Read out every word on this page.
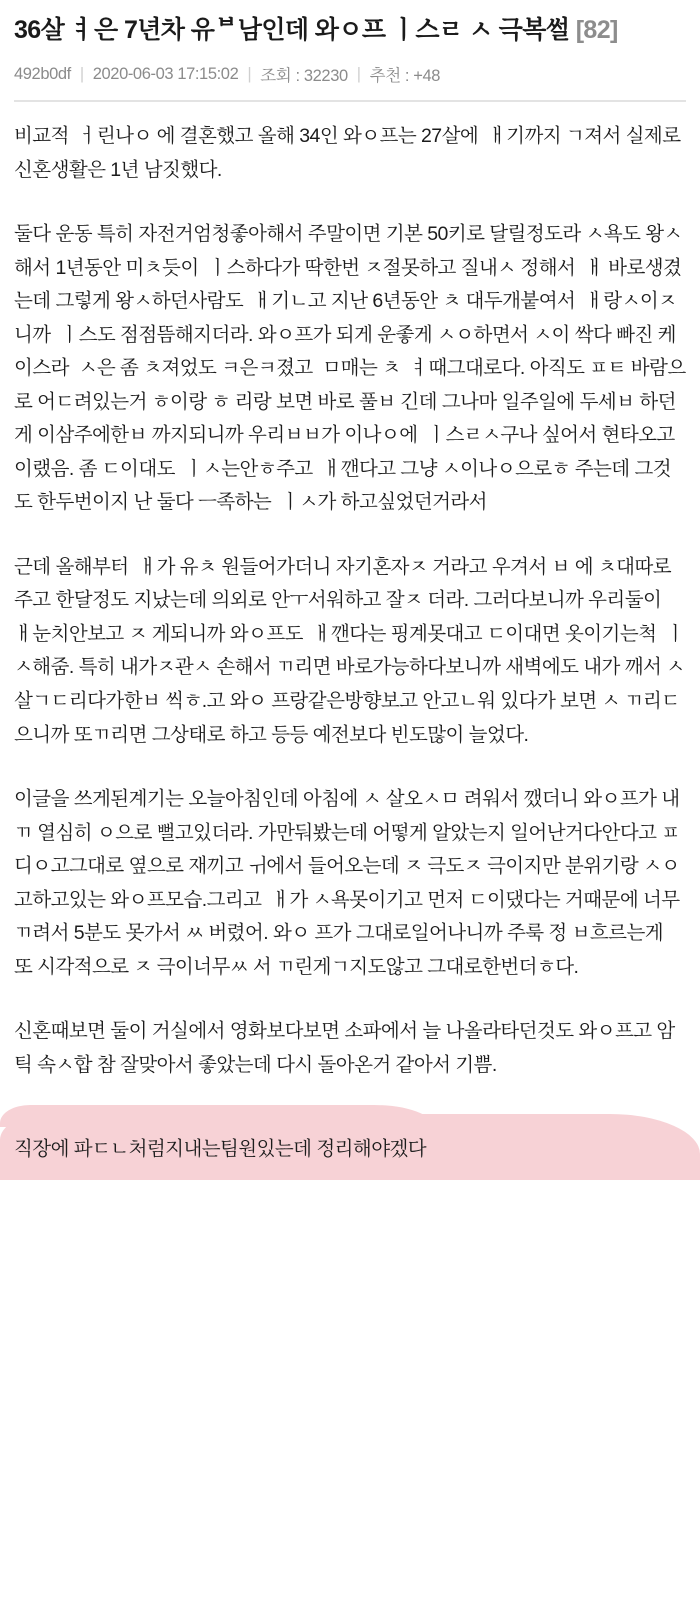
36살 ㅕ은 7년차 유ᄇ남인데 와ㅇ프 ㅣ스ㄹ ㅅ 극복썰 [82]
492b0df | 2020-06-03 17:15:02 | 조회 : 32230 | 추천 : +48

비교적  ㅓ린나ㅇ 에 결혼했고 올해 34인 와ㅇ프는 27살에  ㅐ기까지 ㄱ져서 실제로 신혼생활은 1년 남짓했다.

둘다 운동 특히 자전거엄청좋아해서 주말이면 기본 50키로 달릴정도라 ㅅ욕도 왕ㅅ해서 1년동안 미ㅊ듯이  ㅣ스하다가 딱한번 ㅈ절못하고 질내ㅅ 정해서  ㅐ 바로생겼는데 그렇게 왕ㅅ하던사람도  ㅐ기ㄴ고 지난 6년동안 ㅊ 대두개붙여서  ㅐ랑ㅅ이ㅈ 니까  ㅣ스도 점점뜸해지더라. 와ㅇ프가 되게 운좋게 ㅅㅇ하면서 ㅅ이 싹다 빠진 케이스라  ㅅ은 좀 ㅊ져었도 ㅋ은ㅋ졌고  ㅁ매는 ㅊ  ㅕ때그대로다. 아직도 ㅍㅌ 바람으로 어ㄷ려있는거 ㅎ이랑 ㅎ 리랑 보면 바로 풀ㅂ 긴데 그나마 일주일에 두세ㅂ 하던게 이삼주에한ㅂ 까지되니까 우리ㅂㅂ가 이나ㅇ에  ㅣ스ㄹㅅ구나 싶어서 현타오고 이랬음. 좀 ㄷ이대도  ㅣㅅ는안ㅎ주고  ㅐ깬다고 그냥 ㅅ이나ㅇ으로ㅎ 주는데 그것도 한두번이지 난 둘다 ㅡ족하는  ㅣㅅ가 하고싶었던거라서

근데 올해부터  ㅐ가 유ㅊ 원들어가더니 자기혼자ㅈ 거라고 우겨서 ㅂ 에 ㅊ대따로 주고 한달정도 지났는데 의외로 안ㅜ서워하고 잘ㅈ 더라. 그러다보니까 우리둘이  ㅐ눈치안보고 ㅈ 게되니까 와ㅇ프도  ㅐ깬다는 핑계못대고 ㄷ이대면 옷이기는척  ㅣㅅ해줌. 특히 내가ㅈ관ㅅ 손해서 ㄲ리면 바로가능하다보니까 새벽에도 내가 깨서 ㅅ 살ㄱㄷ리다가한ㅂ 씩ㅎ.고 와ㅇ 프랑같은방향보고 안고ㄴ워 있다가 보면 ㅅ ㄲ리ㄷ 으니까 또ㄲ리면 그상태로 하고 등등 예전보다 빈도많이 늘었다.

이글을 쓰게된계기는 오늘아침인데 아침에 ㅅ 살오ㅅㅁ 려워서 깼더니 와ㅇ프가 내ㄲ 열심히 ㅇ으로 뻘고있더라. 가만둬봤는데 어떻게 알았는지 일어난거다안다고 ㅍ디ㅇ고그대로 옆으로 재끼고 ㅟ에서 들어오는데 ㅈ 극도ㅈ 극이지만 분위기랑 ㅅㅇ고하고있는 와ㅇ프모습.그리고  ㅐ가 ㅅ욕못이기고 먼저 ㄷ이댔다는 거때문에 너무 ㄲ려서 5분도 못가서 ㅆ 버렸어. 와ㅇ 프가 그대로일어나니까 주룩 정 ㅂ흐르는게 또 시각적으로 ㅈ 극이너무ㅆ 서 ㄲ린게ㄱ지도않고 그대로한번더ㅎ다.

신혼때보면 둘이 거실에서 영화보다보면 소파에서 늘 나올라타던것도 와ㅇ프고 암틱 속ㅅ합 참 잘맞아서 좋았는데 다시 돌아온거 같아서 기쁨.

직장에 파ㄷㄴ처럼지내는팀원있는데 정리해야겠다
